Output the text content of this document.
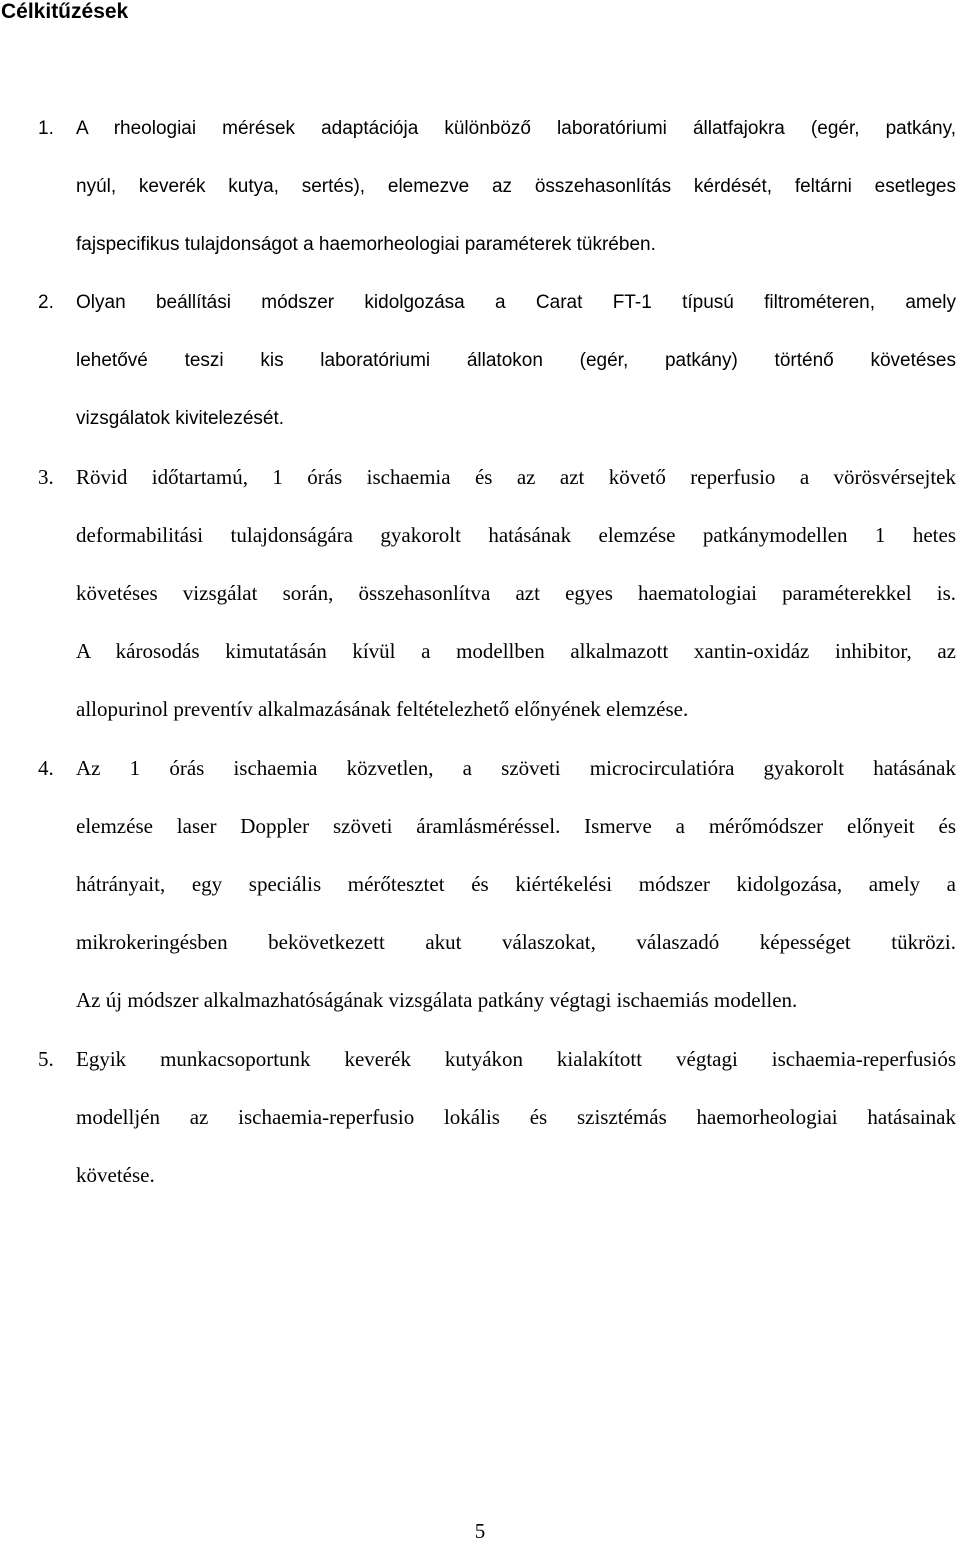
Célkitűzések
1. A rheologiai mérések adaptációja különböző laboratóriumi állatfajokra (egér, patkány,
nyúl, keverék kutya, sertés), elemezve az összehasonlítás kérdését, feltárni esetleges
fajspecifikus tulajdonságot a haemorheologiai paraméterek tükrében.

2. Olyan beállítási módszer kidolgozása a Carat FT-1 típusú filtrométeren, amely
lehetővé teszi kis laboratóriumi állatokon (egér, patkány) történő követéses
vizsgálatok kivitelezését.

3. Rövid időtartamú, 1 órás ischaemia és az azt követő reperfusio a vörösvérsejtek
deformabilitási tulajdonságára gyakorolt hatásának elemzése patkánymodellen 1 hetes
követéses vizsgálat során, összehasonlítva azt egyes haematologiai paraméterekkel is.
A károsodás kimutatásán kívül a modellben alkalmazott xantin-oxidáz inhibitor, az
allopurinol preventív alkalmazásának feltételezhető előnyének elemzése.

4. Az 1 órás ischaemia közvetlen, a szöveti microcirculatióra gyakorolt hatásának
elemzése laser Doppler szöveti áramlásméréssel. Ismerve a mérőmódszer előnyeit és
hátrányait, egy speciális mérőtesztet és kiértékelési módszer kidolgozása, amely a
mikrokeringésben bekövetkezett akut válaszokat, válaszadó képességet tükrözi.
Az új módszer alkalmazhatóságának vizsgálata patkány végtagi ischaemiás modellen.

5. Egyik munkacsoportunk keverék kutyákon kialakított végtagi ischaemia-reperfusiós
modelljén az ischaemia-reperfusio lokális és szisztémás haemorheologiai hatásainak
követése.

5
